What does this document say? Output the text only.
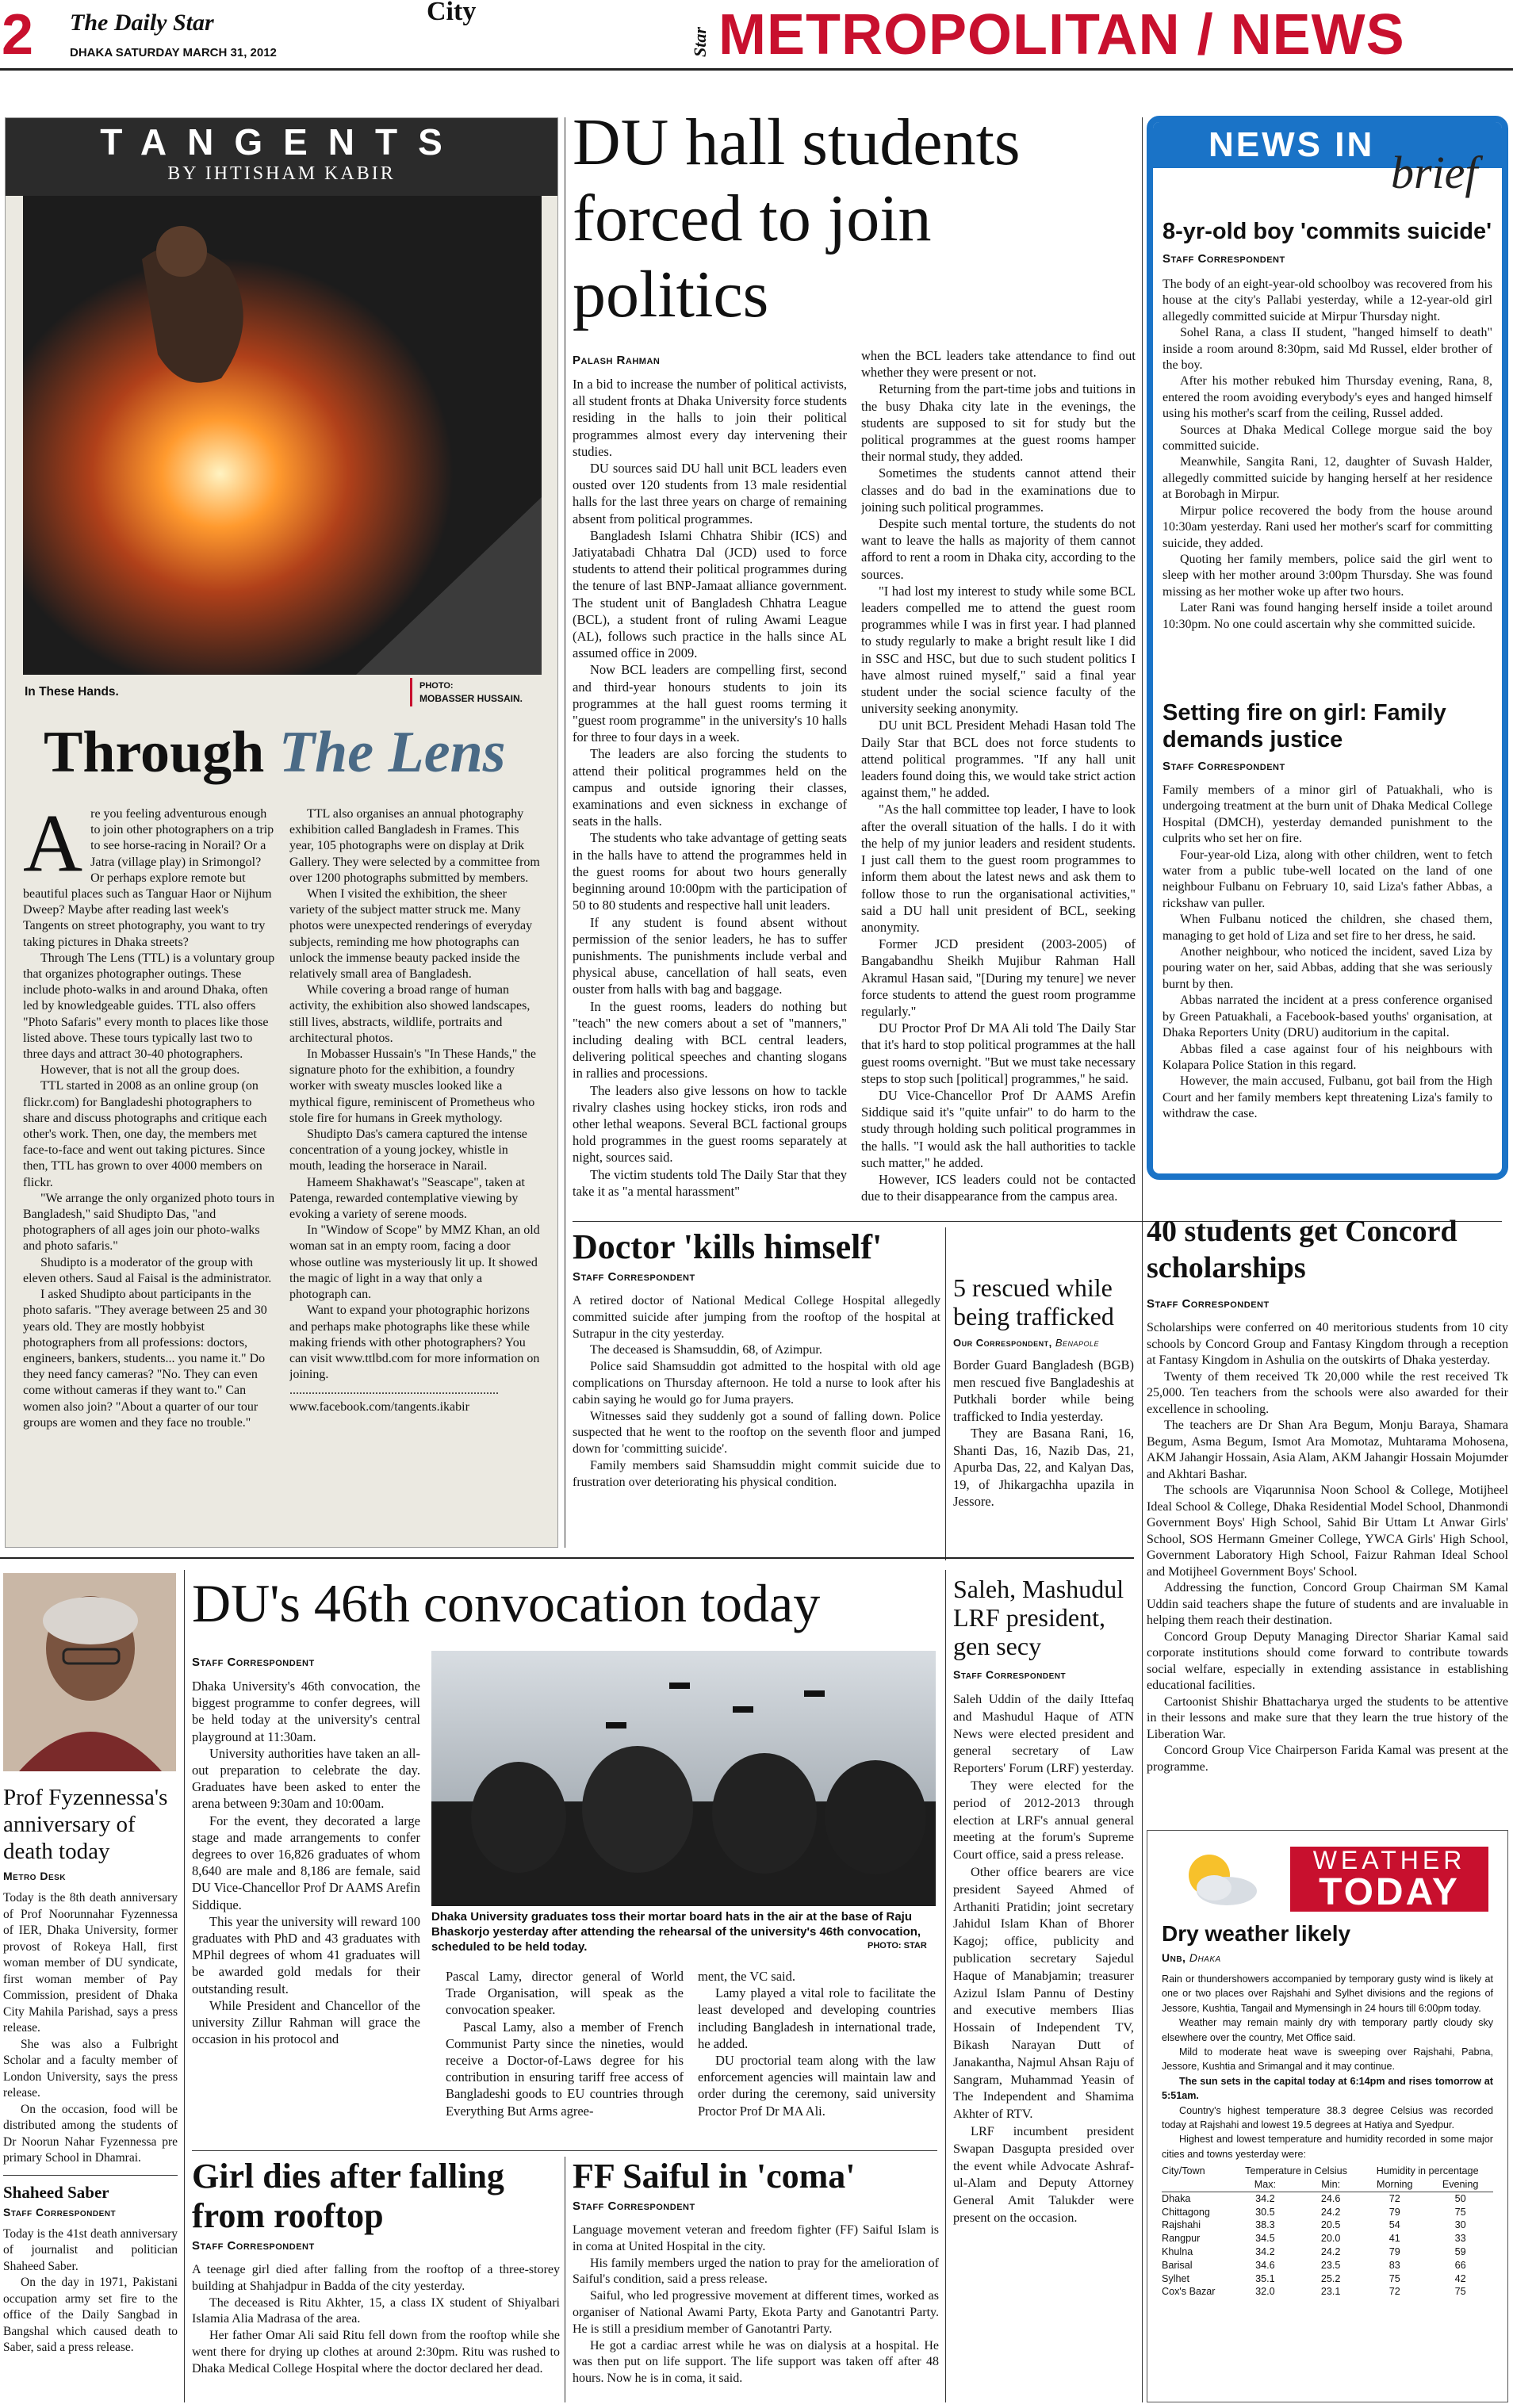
2 The Daily Star
DHAKA SATURDAY MARCH 31, 2012
City
Star METROPOLITAN / NEWS
TANGENTS
BY IHTISHAM KABIR
In These Hands.	PHOTO:
MOBASSER HUSSAIN.
Through The Lens

Are you feeling adventurous enough to join other photographers on a trip to see horse-racing in Norail? Or a Jatra (village play) in Srimongol? Or perhaps explore remote but beautiful places such as Tanguar Haor or Nijhum Dweep? Maybe after reading last week's Tangents on street photography, you want to try taking pictures in Dhaka streets?

Through The Lens (TTL) is a voluntary group that organizes photographer outings. These include photo-walks in and around Dhaka, often led by knowledgeable guides. TTL also offers "Photo Safaris" every month to places like those listed above. These tours typically last two to three days and attract 30-40 photographers.

However, that is not all the group does.

TTL started in 2008 as an online group (on flickr.com) for Bangladeshi photographers to share and discuss photographs and critique each other's work. Then, one day, the members met face-to-face and went out taking pictures. Since then, TTL has grown to over 4000 members on flickr.

"We arrange the only organized photo tours in Bangladesh," said Shudipto Das, "and photographers of all ages join our photo-walks and photo safaris."

Shudipto is a moderator of the group with eleven others. Saud al Faisal is the administrator.

I asked Shudipto about participants in the photo safaris. "They average between 25 and 30 years old. They are mostly hobbyist photographers from all professions: doctors, engineers, bankers, students... you name it." Do they need fancy cameras? "No. They can even come without cameras if they want to." Can women also join? "About a quarter of our tour groups are women and they face no trouble."

TTL also organises an annual photography exhibition called Bangladesh in Frames. This year, 105 photographs were on display at Drik Gallery. They were selected by a committee from over 1200 photographs submitted by members.

When I visited the exhibition, the sheer variety of the subject matter struck me. Many photos were unexpected renderings of everyday subjects, reminding me how photographs can unlock the immense beauty packed inside the relatively small area of Bangladesh.

While covering a broad range of human activity, the exhibition also showed landscapes, still lives, abstracts, wildlife, portraits and architectural photos.

In Mobasser Hussain's "In These Hands," the signature photo for the exhibition, a foundry worker with sweaty muscles looked like a mythical figure, reminiscent of Prometheus who stole fire for humans in Greek mythology.

Shudipto Das's camera captured the intense concentration of a young jockey, whistle in mouth, leading the horserace in Narail.

Hameem Shakhawat's "Seascape", taken at Patenga, rewarded contemplative viewing by evoking a variety of serene moods.

In "Window of Scope" by MMZ Khan, an old woman sat in an empty room, facing a door whose outline was mysteriously lit up. It showed the magic of light in a way that only a photograph can.

Want to expand your photographic horizons and perhaps make photographs like these while making friends with other photographers? You can visit www.ttlbd.com for more information on joining.

..................................................................

www.facebook.com/tangents.ikabir

DU hall students forced to join politics
Palash Rahman

In a bid to increase the number of political activists, all student fronts at Dhaka University force students residing in the halls to join their political programmes almost every day intervening their studies.

DU sources said DU hall unit BCL leaders even ousted over 120 students from 13 male residential halls for the last three years on charge of remaining absent from political programmes.

Bangladesh Islami Chhatra Shibir (ICS) and Jatiyatabadi Chhatra Dal (JCD) used to force students to attend their political programmes during the tenure of last BNP-Jamaat alliance government. The student unit of Bangladesh Chhatra League (BCL), a student front of ruling Awami League (AL), follows such practice in the halls since AL assumed office in 2009.

Now BCL leaders are compelling first, second and third-year honours students to join its programmes at the hall guest rooms terming it "guest room programme" in the university's 10 halls for three to four days in a week.

The leaders are also forcing the students to attend their political programmes held on the campus and outside ignoring their classes, examinations and even sickness in exchange of seats in the halls.

The students who take advantage of getting seats in the halls have to attend the programmes held in the guest rooms for about two hours generally beginning around 10:00pm with the participation of 50 to 80 students and respective hall unit leaders.

If any student is found absent without permission of the senior leaders, he has to suffer punishments. The punishments include verbal and physical abuse, cancellation of hall seats, even ouster from halls with bag and baggage.

In the guest rooms, leaders do nothing but "teach" the new comers about a set of "manners," including dealing with BCL central leaders, delivering political speeches and chanting slogans in rallies and processions.

The leaders also give lessons on how to tackle rivalry clashes using hockey sticks, iron rods and other lethal weapons. Several BCL factional groups hold programmes in the guest rooms separately at night, sources said.

The victim students told The Daily Star that they take it as "a mental harassment"

when the BCL leaders take attendance to find out whether they were present or not.

Returning from the part-time jobs and tuitions in the busy Dhaka city late in the evenings, the students are supposed to sit for study but the political programmes at the guest rooms hamper their normal study, they added.

Sometimes the students cannot attend their classes and do bad in the examinations due to joining such political programmes.

Despite such mental torture, the students do not want to leave the halls as majority of them cannot afford to rent a room in Dhaka city, according to the sources.

"I had lost my interest to study while some BCL leaders compelled me to attend the guest room programmes while I was in first year. I had planned to study regularly to make a bright result like I did in SSC and HSC, but due to such student politics I have almost ruined myself," said a final year student under the social science faculty of the university seeking anonymity.

DU unit BCL President Mehadi Hasan told The Daily Star that BCL does not force students to attend political programmes. "If any hall unit leaders found doing this, we would take strict action against them," he added.

"As the hall committee top leader, I have to look after the overall situation of the halls. I do it with the help of my junior leaders and resident students. I just call them to the guest room programmes to inform them about the latest news and ask them to follow those to run the organisational activities," said a DU hall unit president of BCL, seeking anonymity.

Former JCD president (2003-2005) of Bangabandhu Sheikh Mujibur Rahman Hall Akramul Hasan said, "[During my tenure] we never force students to attend the guest room programme regularly."

DU Proctor Prof Dr MA Ali told The Daily Star that it's hard to stop political programmes at the hall guest rooms overnight. "But we must take necessary steps to stop such [political] programmes," he said.

DU Vice-Chancellor Prof Dr AAMS Arefin Siddique said it's "quite unfair" to do harm to the study through holding such political programmes in the halls. "I would ask the hall authorities to tackle such matter," he added.

However, ICS leaders could not be contacted due to their disappearance from the campus area.

NEWS IN
brief
8-yr-old boy 'commits suicide'
Staff Correspondent

The body of an eight-year-old schoolboy was recovered from his house at the city's Pallabi yesterday, while a 12-year-old girl allegedly committed suicide at Mirpur Thursday night.

Sohel Rana, a class II student, "hanged himself to death" inside a room around 8:30pm, said Md Russel, elder brother of the boy.

After his mother rebuked him Thursday evening, Rana, 8, entered the room avoiding everybody's eyes and hanged himself using his mother's scarf from the ceiling, Russel added.

Sources at Dhaka Medical College morgue said the boy committed suicide.

Meanwhile, Sangita Rani, 12, daughter of Suvash Halder, allegedly committed suicide by hanging herself at her residence at Borobagh in Mirpur.

Mirpur police recovered the body from the house around 10:30am yesterday. Rani used her mother's scarf for committing suicide, they added.

Quoting her family members, police said the girl went to sleep with her mother around 3:00pm Thursday. She was found missing as her mother woke up after two hours.

Later Rani was found hanging herself inside a toilet around 10:30pm. No one could ascertain why she committed suicide.

Setting fire on girl: Family demands justice
Staff Correspondent

Family members of a minor girl of Patuakhali, who is undergoing treatment at the burn unit of Dhaka Medical College Hospital (DMCH), yesterday demanded punishment to the culprits who set her on fire.

Four-year-old Liza, along with other children, went to fetch water from a public tube-well located on the land of one neighbour Fulbanu on February 10, said Liza's father Abbas, a rickshaw van puller.

When Fulbanu noticed the children, she chased them, managing to get hold of Liza and set fire to her dress, he said.

Another neighbour, who noticed the incident, saved Liza by pouring water on her, said Abbas, adding that she was seriously burnt by then.

Abbas narrated the incident at a press conference organised by Green Patuakhali, a Facebook-based youths' organisation, at Dhaka Reporters Unity (DRU) auditorium in the capital.

Abbas filed a case against four of his neighbours with Kolapara Police Station in this regard.

However, the main accused, Fulbanu, got bail from the High Court and her family members kept threatening Liza's family to withdraw the case.

Doctor 'kills himself'
Staff Correspondent

A retired doctor of National Medical College Hospital allegedly committed suicide after jumping from the rooftop of the hospital at Sutrapur in the city yesterday.

The deceased is Shamsuddin, 68, of Azimpur.

Police said Shamsuddin got admitted to the hospital with old age complications on Thursday afternoon. He told a nurse to look after his cabin saying he would go for Juma prayers.

Witnesses said they suddenly got a sound of falling down. Police suspected that he went to the rooftop on the seventh floor and jumped down for 'committing suicide'.

Family members said Shamsuddin might commit suicide due to frustration over deteriorating his physical condition.

5 rescued while being trafficked
Our Correspondent, Benapole

Border Guard Bangladesh (BGB) men rescued five Bangladeshis at Putkhali border while being trafficked to India yesterday.

They are Basana Rani, 16, Shanti Das, 16, Nazib Das, 21, Apurba Das, 22, and Kalyan Das, 19, of Jhikargachha upazila in Jessore.

40 students get Concord scholarships
Staff Correspondent

Scholarships were conferred on 40 meritorious students from 10 city schools by Concord Group and Fantasy Kingdom through a reception at Fantasy Kingdom in Ashulia on the outskirts of Dhaka yesterday.

Twenty of them received Tk 20,000 while the rest received Tk 25,000. Ten teachers from the schools were also awarded for their excellence in schooling.

The teachers are Dr Shan Ara Begum, Monju Baraya, Shamara Begum, Asma Begum, Ismot Ara Momotaz, Muhtarama Mohosena, AKM Jahangir Hossain, Asia Alam, AKM Jahangir Hossain Mojumder and Akhtari Bashar.

The schools are Viqarunnisa Noon School & College, Motijheel Ideal School & College, Dhaka Residential Model School, Dhanmondi Government Boys' High School, Sahid Bir Uttam Lt Anwar Girls' School, SOS Hermann Gmeiner College, YWCA Girls' High School, Government Laboratory High School, Faizur Rahman Ideal School and Motijheel Government Boys' School.

Addressing the function, Concord Group Chairman SM Kamal Uddin said teachers shape the future of students and are invaluable in helping them reach their destination.

Concord Group Deputy Managing Director Shariar Kamal said corporate institutions should come forward to contribute towards social welfare, especially in extending assistance in establishing educational facilities.

Cartoonist Shishir Bhattacharya urged the students to be attentive in their lessons and make sure that they learn the true history of the Liberation War.

Concord Group Vice Chairperson Farida Kamal was present at the programme.

Prof Fyzennessa's anniversary of death today
Metro Desk

Today is the 8th death anniversary of Prof Noorunnahar Fyzennessa of IER, Dhaka University, former provost of Rokeya Hall, first woman member of DU syndicate, first woman member of Pay Commission, president of Dhaka City Mahila Parishad, says a press release.

She was also a Fulbright Scholar and a faculty member of London University, says the press release.

On the occasion, food will be distributed among the students of Dr Noorun Nahar Fyzennessa pre primary School in Dhamrai.

Shaheed Saber
Staff Correspondent

Today is the 41st death anniversary of journalist and politician Shaheed Saber.

On the day in 1971, Pakistani occupation army set fire to the office of the Daily Sangbad in Bangshal which caused death to Saber, said a press release.

DU's 46th convocation today
Staff Correspondent

Dhaka University's 46th convocation, the biggest programme to confer degrees, will be held today at the university's central playground at 11:30am.

University authorities have taken an all-out preparation to celebrate the day. Graduates have been asked to enter the arena between 9:30am and 10:00am.

For the event, they decorated a large stage and made arrangements to confer degrees to over 16,826 graduates of whom 8,640 are male and 8,186 are female, said DU Vice-Chancellor Prof Dr AAMS Arefin Siddique.

This year the university will reward 100 graduates with PhD and 43 graduates with MPhil degrees of whom 41 graduates will be awarded gold medals for their outstanding result.

While President and Chancellor of the university Zillur Rahman will grace the occasion in his protocol and

Dhaka University graduates toss their mortar board hats in the air at the base of Raju Bhaskorjo yesterday after attending the rehearsal of the university's 46th convocation, scheduled to be held today.	PHOTO: STAR

Pascal Lamy, director general of World Trade Organisation, will speak as the convocation speaker.

Pascal Lamy, also a member of French Communist Party since the nineties, would receive a Doctor-of-Laws degree for his contribution in ensuring tariff free access of Bangladeshi goods to EU countries through Everything But Arms agree-

ment, the VC said.

Lamy played a vital role to facilitate the least developed and developing countries including Bangladesh in international trade, he added.

DU proctorial team along with the law enforcement agencies will maintain law and order during the ceremony, said university Proctor Prof Dr MA Ali.

Saleh, Mashudul LRF president, gen secy
Staff Correspondent

Saleh Uddin of the daily Ittefaq and Mashudul Haque of ATN News were elected president and general secretary of Law Reporters' Forum (LRF) yesterday.

They were elected for the period of 2012-2013 through election at LRF's annual general meeting at the forum's Supreme Court office, said a press release.

Other office bearers are vice president Sayeed Ahmed of Arthaniti Pratidin; joint secretary Jahidul Islam Khan of Bhorer Kagoj; office, publicity and publication secretary Sajedul Haque of Manabjamin; treasurer Azizul Islam Pannu of Destiny and executive members Ilias Hossain of Independent TV, Bikash Narayan Dutt of Janakantha, Najmul Ahsan Raju of Sangram, Muhammad Yeasin of The Independent and Shamima Akhter of RTV.

LRF incumbent president Swapan Dasgupta presided over the event while Advocate Ashraf-ul-Alam and Deputy Attorney General Amit Talukder were present on the occasion.

Girl dies after falling from rooftop
Staff Correspondent

A teenage girl died after falling from the rooftop of a three-storey building at Shahjadpur in Badda of the city yesterday.

The deceased is Ritu Akhter, 15, a class IX student of Shiyalbari Islamia Alia Madrasa of the area.

Her father Omar Ali said Ritu fell down from the rooftop while she went there for drying up clothes at around 2:30pm. Ritu was rushed to Dhaka Medical College Hospital where the doctor declared her dead.

FF Saiful in 'coma'
Staff Correspondent

Language movement veteran and freedom fighter (FF) Saiful Islam is in coma at United Hospital in the city.

His family members urged the nation to pray for the amelioration of Saiful's condition, said a press release.

Saiful, who led progressive movement at different times, worked as organiser of National Awami Party, Ekota Party and Ganotantri Party. He is still a presidium member of Ganotantri Party.

He got a cardiac arrest while he was on dialysis at a hospital. He was then put on life support. The life support was taken off after 48 hours. Now he is in coma, it said.

WEATHER
TODAY
Dry weather likely
Unb, Dhaka

Rain or thundershowers accompanied by temporary gusty wind is likely at one or two places over Rajshahi and Sylhet divisions and the regions of Jessore, Kushtia, Tangail and Mymensingh in 24 hours till 6:00pm today.

Weather may remain mainly dry with temporary partly cloudy sky elsewhere over the country, Met Office said.

Mild to moderate heat wave is sweeping over Rajshahi, Pabna, Jessore, Kushtia and Srimangal and it may continue.

The sun sets in the capital today at 6:14pm and rises tomorrow at 5:51am.

Country's highest temperature 38.3 degree Celsius was recorded today at Rajshahi and lowest 19.5 degrees at Hatiya and Syedpur.

Highest and lowest temperature and humidity recorded in some major cities and towns yesterday were:

City/Town	Temperature in Celsius		Humidity in percentage	
	Max:	Min:	Morning	Evening
Dhaka	34.2	24.6	72	50
Chittagong	30.5	24.2	79	75
Rajshahi	38.3	20.5	54	30
Rangpur	34.5	20.0	41	33
Khulna	34.2	24.2	79	59
Barisal	34.6	23.5	83	66
Sylhet	35.1	25.2	75	42
Cox's Bazar	32.0	23.1	72	75
